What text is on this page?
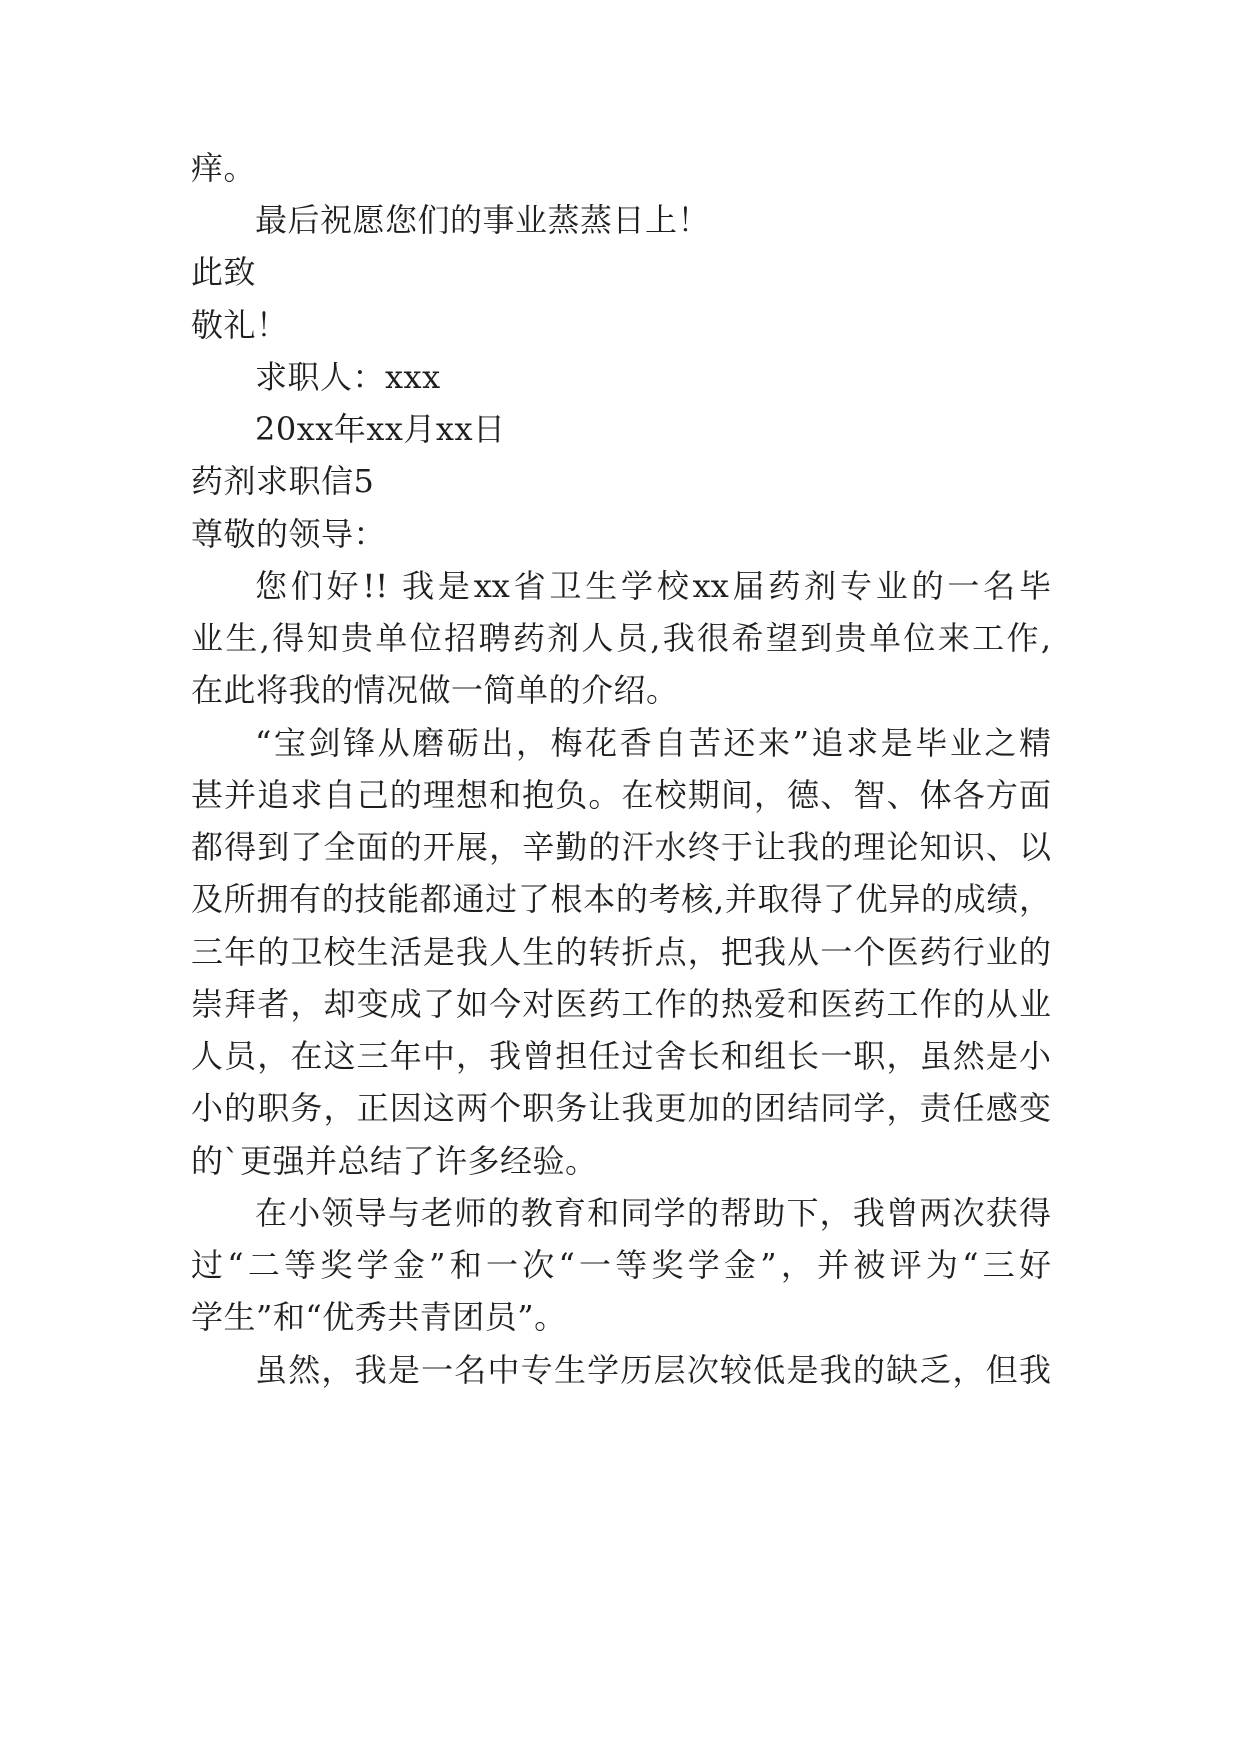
痒。

最后祝愿您们的事业蒸蒸日上！

此致

敬礼！

求职人：xxx

20xx年xx月xx日

药剂求职信5

尊敬的领导：

您们好!! 我是xx省卫生学校xx届药剂专业的一名毕

业生,得知贵单位招聘药剂人员,我很希望到贵单位来工作,

在此将我的情况做一简单的介绍。

“宝剑锋从磨砺出，梅花香自苦还来”追求是毕业之精

甚并追求自己的理想和抱负。在校期间，德、智、体各方面

都得到了全面的开展，辛勤的汗水终于让我的理论知识、以

及所拥有的技能都通过了根本的考核,并取得了优异的成绩，

三年的卫校生活是我人生的转折点，把我从一个医药行业的

崇拜者，却变成了如今对医药工作的热爱和医药工作的从业

人员，在这三年中，我曾担任过舍长和组长一职，虽然是小

小的职务，正因这两个职务让我更加的团结同学，责任感变

的`更强并总结了许多经验。

在小领导与老师的教育和同学的帮助下，我曾两次获得

过“二等奖学金”和一次“一等奖学金”，并被评为“三好

学生”和“优秀共青团员”。

虽然，我是一名中专生学历层次较低是我的缺乏，但我
